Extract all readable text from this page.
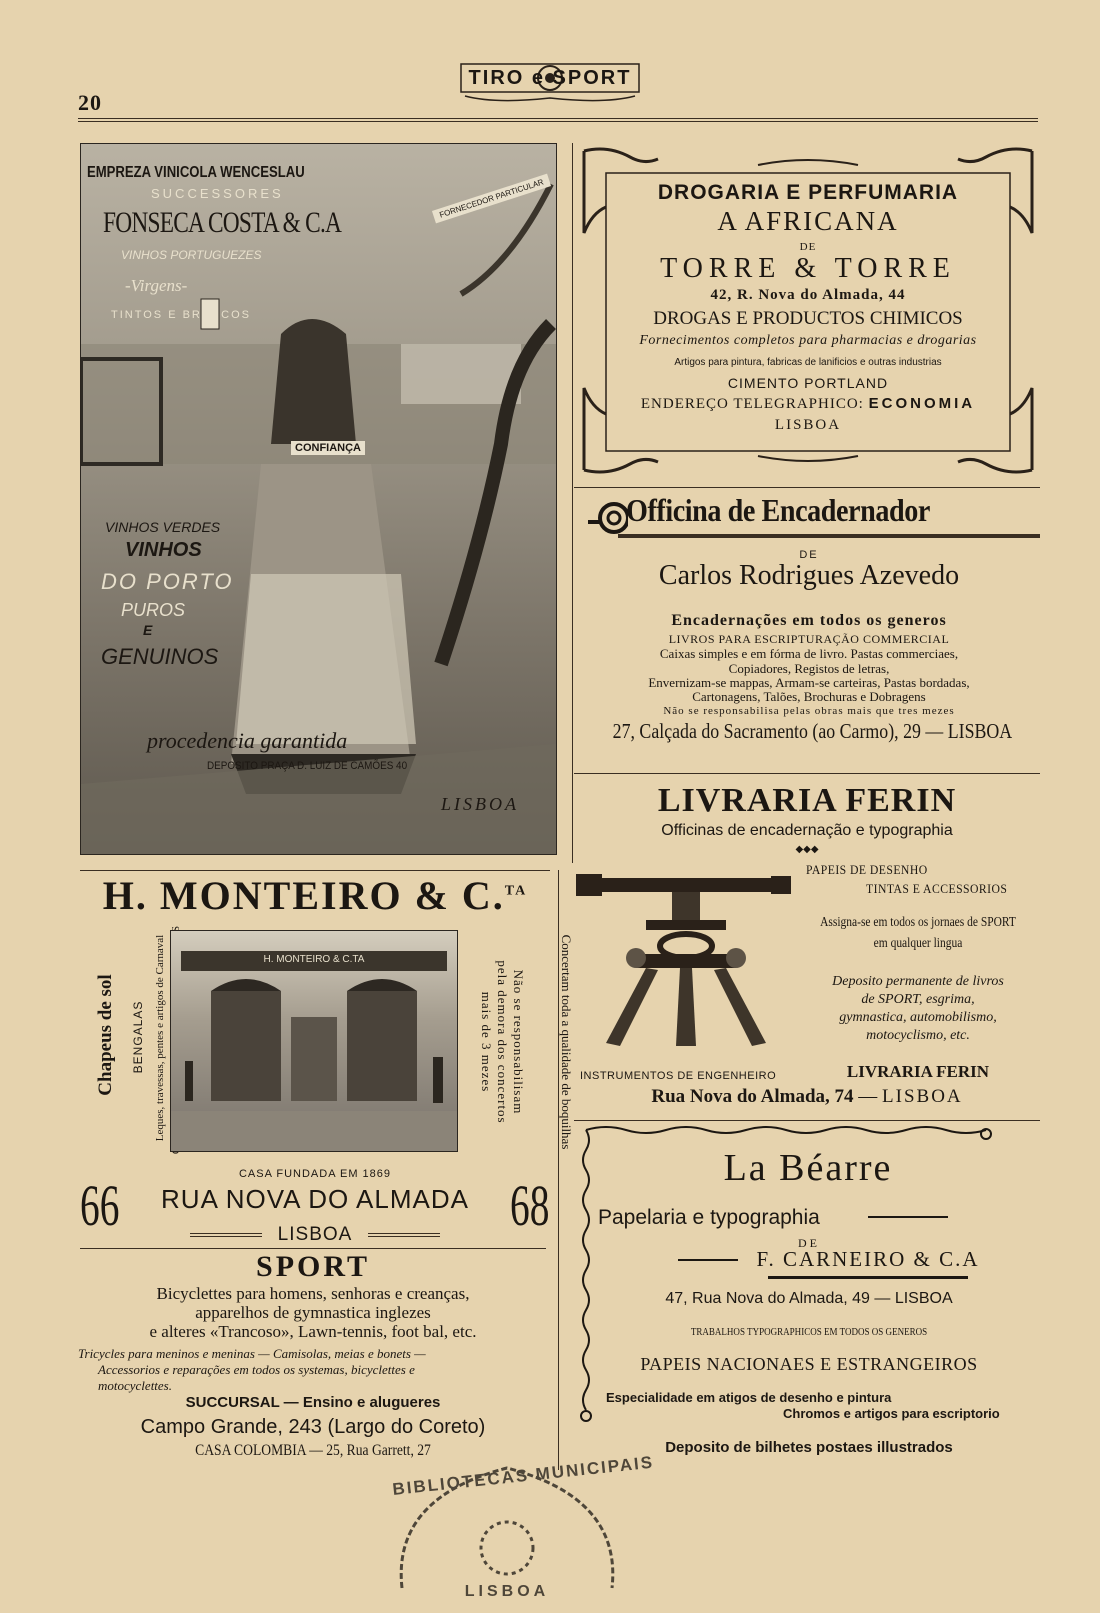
20
TIRO e SPORT
EMPREZA VINICOLA WENCESLAU
SUCCESSORES
FONSECA COSTA & C.A
FORNECEDOR PARTICULAR
VINHOS PORTUGUEZES
-Virgens-
TINTOS E BRANCOS
CONFIANÇA
VINHOS VERDES
VINHOS
DO PORTO
PUROS
E
GENUINOS
procedencia garantida
DEPOSITO PRAÇA D. LUIZ DE CAMÕES 40
LISBOA
DROGARIA E PERFUMARIA
A AFRICANA
DE
TORRE & TORRE
42, R. Nova do Almada, 44
DROGAS E PRODUCTOS CHIMICOS
Fornecimentos completos para pharmacias e drogarias
Artigos para pintura, fabricas de lanificios e outras industrias
CIMENTO PORTLAND
ENDEREÇO TELEGRAPHICO: ECONOMIA
LISBOA
Officina de Encadernador
DE
Carlos Rodrigues Azevedo
Encadernações em todos os generos
LIVROS PARA ESCRIPTURAÇÃO COMMERCIAL
Caixas simples e em fórma de livro. Pastas commerciaes,
Copiadores, Registos de letras,
Envernizam-se mappas, Armam-se carteiras, Pastas bordadas,
Cartonagens, Talões, Brochuras e Dobragens
Não se responsabilisa pelas obras mais que tres mezes
27, Calçada do Sacramento (ao Carmo), 29 — LISBOA
LIVRARIA FERIN
Officinas de encadernação e typographia
◆◆◆
PAPEIS DE DESENHO
TINTAS E ACCESSORIOS
Assigna-se em todos os jornaes de SPORT
em qualquer lingua
Deposito permanente de livros
de SPORT, esgrima,
gymnastica, automobilismo,
motocyclismo, etc.
INSTRUMENTOS DE ENGENHEIRO	LIVRARIA FERIN
Rua Nova do Almada, 74 — LISBOA
La Béarre
Papelaria e typographia
DE
F. CARNEIRO & C.A
47, Rua Nova do Almada, 49 — LISBOA
TRABALHOS TYPOGRAPHICOS EM TODOS OS GENEROS
PAPEIS NACIONAES E ESTRANGEIROS
Especialidade em atigos de desenho e pintura
Chromos e artigos para escriptorio
Deposito de bilhetes postaes illustrados
H. MONTEIRO & C.$^{TA}$
Chapeus de sol BENGALAS Leques, travessas, pentes e artigos de Carnaval	H. MONTEIRO & C.TA	Concertam toda a qualidade de boquilhas
Não se responsabilisam
pela demora dos concertos
mais de 3 mezes
CASA FUNDADA EM 1869
66	RUA NOVA DO ALMADA 68
LISBOA
SPORT
Bicyclettes para homens, senhoras e creanças,
apparelhos de gymnastica inglezes
e alteres «Trancoso», Lawn-tennis, foot bal, etc.
Tricycles para meninos e meninas — Camisolas, meias e bonets —
Accessorios e reparações em todos os systemas, bicyclettes e
motocyclettes.
SUCCURSAL — Ensino e alugueres
Campo Grande, 243 (Largo do Coreto)
CASA COLOMBIA — 25, Rua Garrett, 27
BIBLIOTECAS MUNICIPAIS
LISBOA
